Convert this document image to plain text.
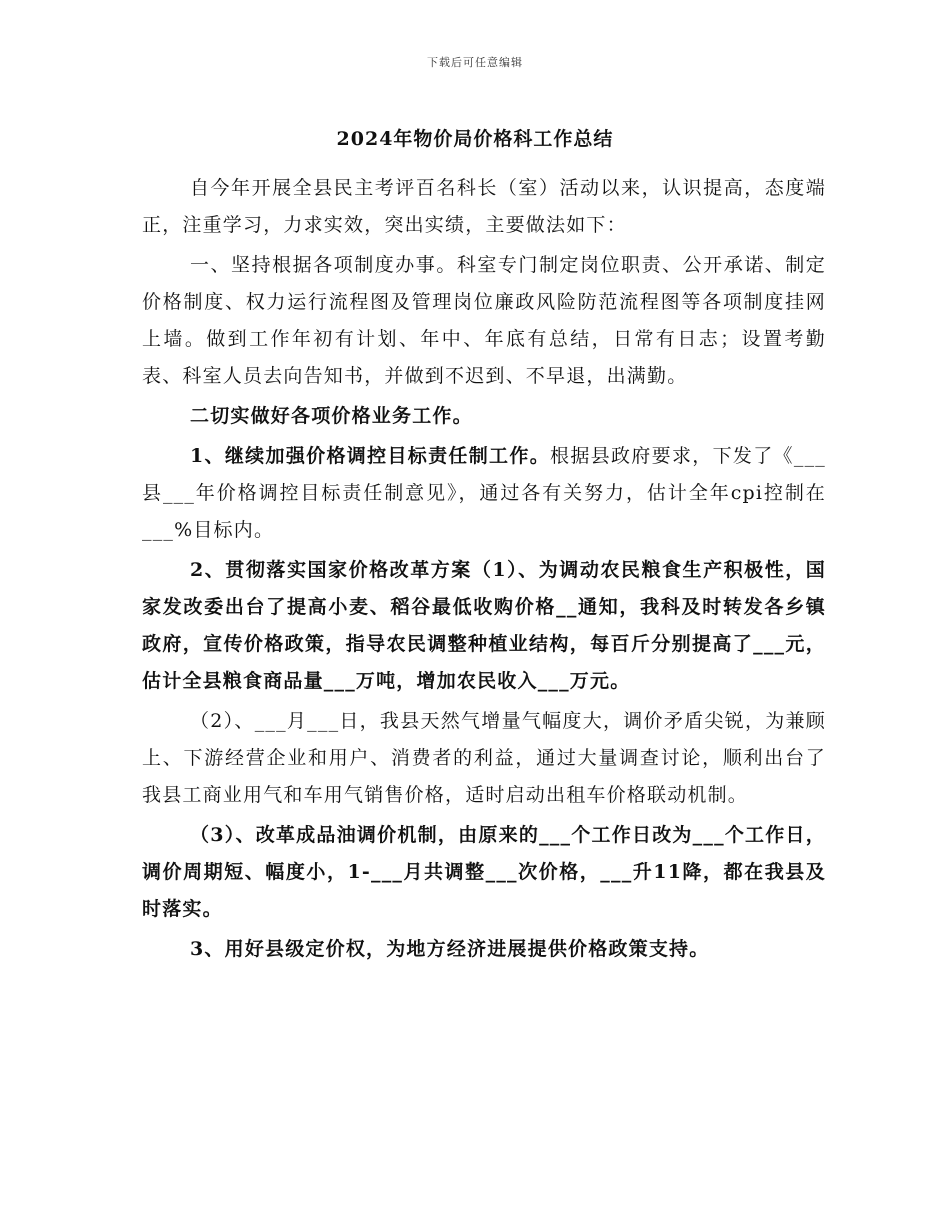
下载后可任意编辑
2024年物价局价格科工作总结

自今年开展全县民主考评百名科长（室）活动以来，认识提高，态度端正，注重学习，力求实效，突出实绩，主要做法如下：

一、坚持根据各项制度办事。科室专门制定岗位职责、公开承诺、制定价格制度、权力运行流程图及管理岗位廉政风险防范流程图等各项制度挂网上墙。做到工作年初有计划、年中、年底有总结，日常有日志；设置考勤表、科室人员去向告知书，并做到不迟到、不早退，出满勤。

二切实做好各项价格业务工作。

1、继续加强价格调控目标责任制工作。根据县政府要求，下发了《___县___年价格调控目标责任制意见》，通过各有关努力，估计全年cpi控制在___%目标内。

2、贯彻落实国家价格改革方案（1）、为调动农民粮食生产积极性，国家发改委出台了提高小麦、稻谷最低收购价格__通知，我科及时转发各乡镇政府，宣传价格政策，指导农民调整种植业结构，每百斤分别提高了___元，估计全县粮食商品量___万吨，增加农民收入___万元。

（2）、___月___日，我县天然气增量气幅度大，调价矛盾尖锐，为兼顾上、下游经营企业和用户、消费者的利益，通过大量调查讨论，顺利出台了我县工商业用气和车用气销售价格，适时启动出租车价格联动机制。

（3）、改革成品油调价机制，由原来的___个工作日改为___个工作日，调价周期短、幅度小，1-___月共调整___次价格，___升11降，都在我县及时落实。

3、用好县级定价权，为地方经济进展提供价格政策支持。
